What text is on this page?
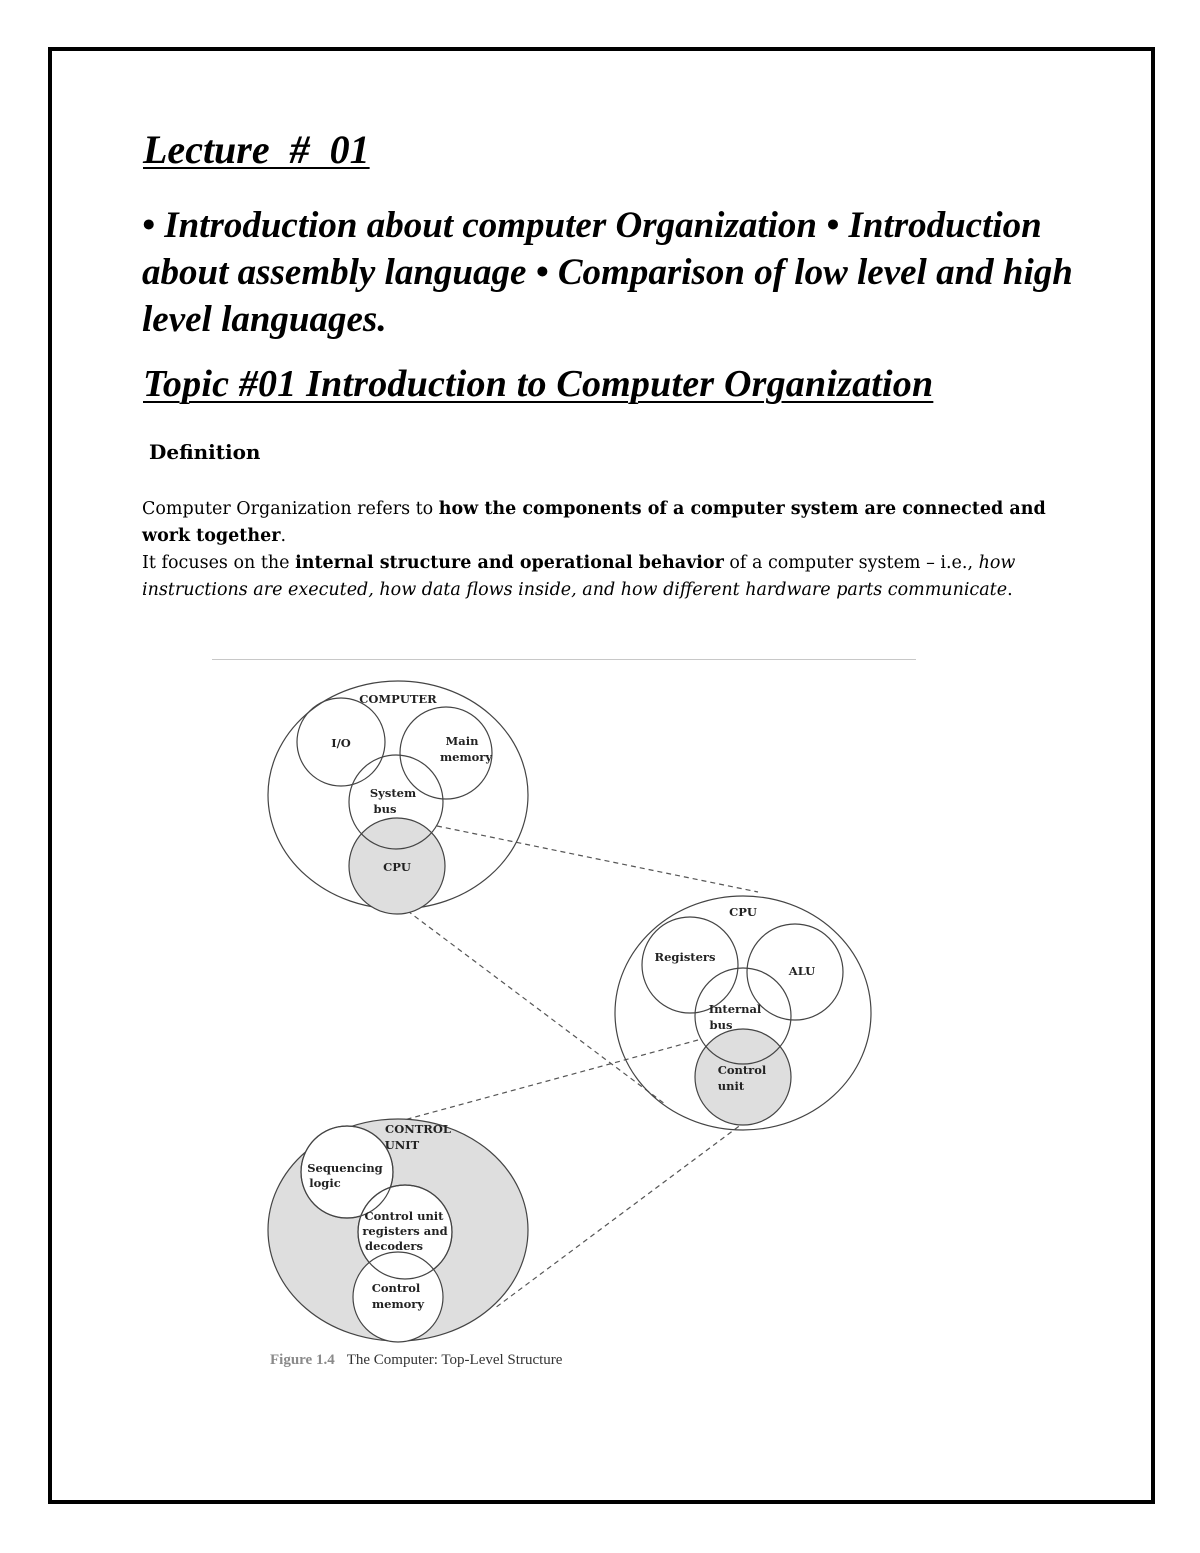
Lecture  #  01

• Introduction about computer Organization • Introduction about assembly language • Comparison of low level and high level languages.

Topic #01 Introduction to Computer Organization
Definition

Computer Organization refers to how the components of a computer system are connected and work together.

It focuses on the internal structure and operational behavior of a computer system – i.e., how instructions are executed, how data flows inside, and how different hardware parts communicate.

COMPUTER
I/O	Main
memory
System
bus
CPU
CPU
Registers
ALU
Internal
bus
Control
unit
CONTROL
UNIT
Sequencing
logic
Control unit
registers and
decoders
Control
memory

Figure 1.4 The Computer: Top-Level Structure
